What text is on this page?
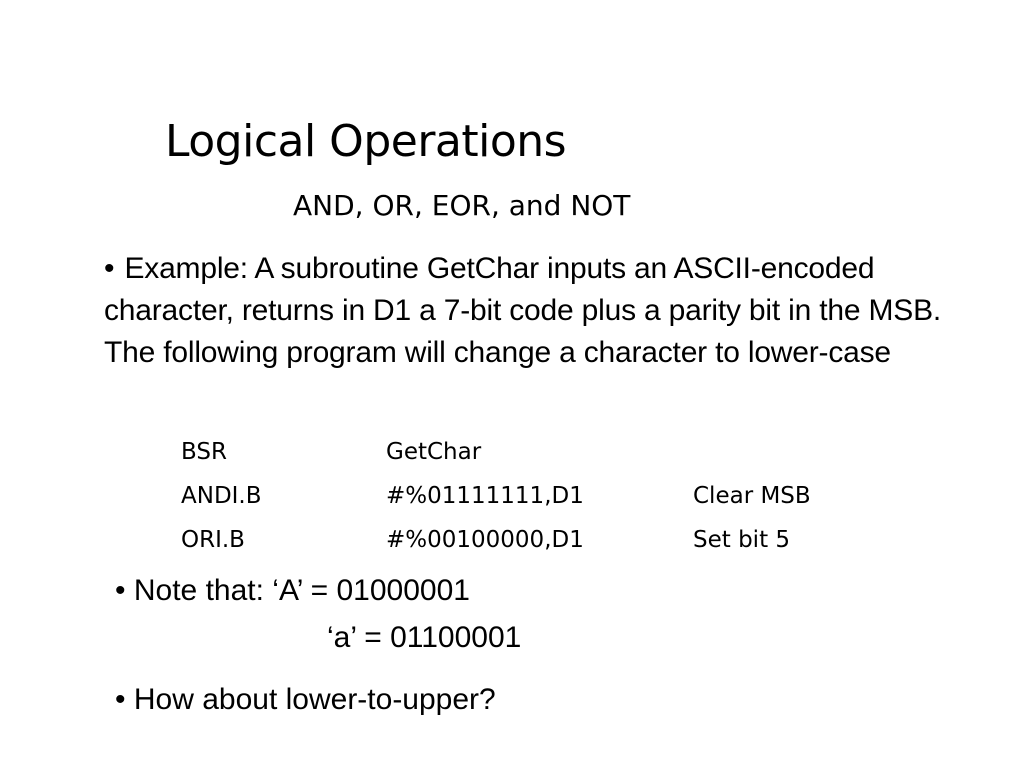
Logical Operations
AND, OR, EOR, and NOT
• Example: A subroutine GetChar inputs an ASCII-encoded character, returns in D1 a 7-bit code plus a parity bit in the MSB. The following program will change a character to lower-case
BSR	GetChar
ANDI.B	#%01111111,D1	Clear MSB
ORI.B	#%00100000,D1	Set bit 5
• Note that: ‘A’ = 01000001
‘a’ = 01100001
• How about lower-to-upper?
